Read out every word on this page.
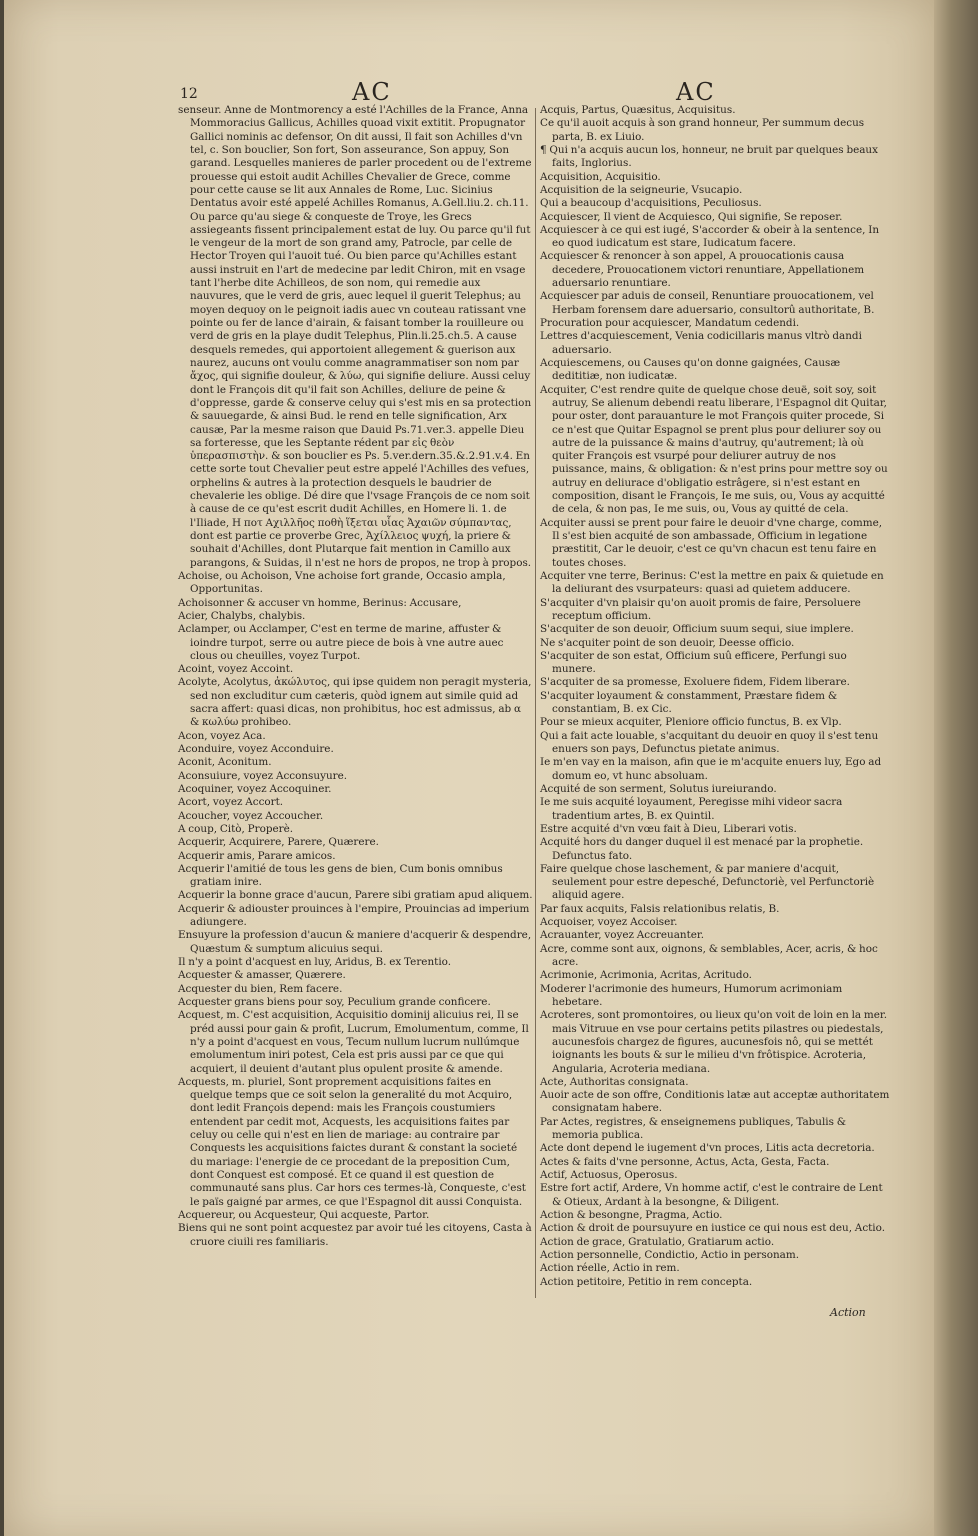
12	AC	AC

senseur. Anne de Montmorency a esté l'Achilles de la France, Anna Mommoracius Gallicus, Achilles quoad vixit extitit. Propugnator Gallici nominis ac defensor, On dit aussi, Il fait son Achilles d'vn tel, c. Son bouclier, Son fort, Son asseurance, Son appuy, Son garand. Lesquelles manieres de parler procedent ou de l'extreme prouesse qui estoit audit Achilles Chevalier de Grece, comme pour cette cause se lit aux Annales de Rome, Luc. Sicinius Dentatus avoir esté appelé Achilles Romanus, A.Gell.liu.2. ch.11. Ou parce qu'au siege & conqueste de Troye, les Grecs assiegeants fissent principalement estat de luy. Ou parce qu'il fut le vengeur de la mort de son grand amy, Patrocle, par celle de Hector Troyen qui l'auoit tué. Ou bien parce qu'Achilles estant aussi instruit en l'art de medecine par ledit Chiron, mit en vsage tant l'herbe dite Achilleos, de son nom, qui remedie aux nauvures, que le verd de gris, auec lequel il guerit Telephus; au moyen dequoy on le peignoit iadis auec vn couteau ratissant vne pointe ou fer de lance d'airain, & faisant tomber la rouilleure ou verd de gris en la playe dudit Telephus, Plin.li.25.ch.5. A cause desquels remedes, qui apportoient allegement & guerison aux naurez, aucuns ont voulu comme anagrammatiser son nom par ἄχος, qui signifie douleur, & λύω, qui signifie deliure. Aussi celuy dont le François dit qu'il fait son Achilles, deliure de peine & d'oppresse, garde & conserve celuy qui s'est mis en sa protection & sauuegarde, & ainsi Bud. le rend en telle signification, Arx causæ, Par la mesme raison que Dauid Ps.71.ver.3. appelle Dieu sa forteresse, que les Septante rédent par εἰς θεὸν ὑπερασπιστὴν. & son bouclier es Ps. 5.ver.dern.35.&.2.91.v.4. En cette sorte tout Chevalier peut estre appelé l'Achilles des vefues, orphelins & autres à la protection desquels le baudrier de chevalerie les oblige. Dé dire que l'vsage François de ce nom soit à cause de ce qu'est escrit dudit Achilles, en Homere li. 1. de l'Iliade, Η ποτ Αχιλλῆος ποθὴ ἵξεται υἷας Ἀχαιῶν σύμπαντας, dont est partie ce proverbe Grec, Ἀχίλλειος ψυχή, la priere & souhait d'Achilles, dont Plutarque fait mention in Camillo aux parangons, & Suidas, il n'est ne hors de propos, ne trop à propos.

Achoise, ou Achoison, Vne achoise fort grande, Occasio ampla, Opportunitas.

Achoisonner & accuser vn homme, Berinus: Accusare,

Acier, Chalybs, chalybis.

Aclamper, ou Acclamper, C'est en terme de marine, affuster & ioindre turpot, serre ou autre piece de bois à vne autre auec clous ou cheuilles, voyez Turpot.

Acoint, voyez Accoint.

Acolyte, Acolytus, ἀκώλυτος, qui ipse quidem non peragit mysteria, sed non excluditur cum cæteris, quòd ignem aut simile quid ad sacra affert: quasi dicas, non prohibitus, hoc est admissus, ab α & κωλύω prohibeo.

Acon, voyez Aca.

Aconduire, voyez Acconduire.

Aconit, Aconitum.

Aconsuiure, voyez Acconsuyure.

Acoquiner, voyez Accoquiner.

Acort, voyez Accort.

Acoucher, voyez Accoucher.

A coup, Citò, Properè.

Acquerir, Acquirere, Parere, Quærere.

Acquerir amis, Parare amicos.

Acquerir l'amitié de tous les gens de bien, Cum bonis omnibus gratiam inire.

Acquerir la bonne grace d'aucun, Parere sibi gratiam apud aliquem.

Acquerir & adiouster prouinces à l'empire, Prouincias ad imperium adiungere.

Ensuyure la profession d'aucun & maniere d'acquerir & despendre, Quæstum & sumptum alicuius sequi.

Il n'y a point d'acquest en luy, Aridus, B. ex Terentio.

Acquester & amasser, Quærere.

Acquester du bien, Rem facere.

Acquester grans biens pour soy, Peculium grande conficere.

Acquest, m. C'est acquisition, Acquisitio dominij alicuius rei, Il se préd aussi pour gain & profit, Lucrum, Emolumentum, comme, Il n'y a point d'acquest en vous, Tecum nullum lucrum nullúmque emolumentum iniri potest, Cela est pris aussi par ce que qui acquiert, il deuient d'autant plus opulent prosite & amende.

Acquests, m. pluriel, Sont proprement acquisitions faites en quelque temps que ce soit selon la generalité du mot Acquiro, dont ledit François depend: mais les François coustumiers entendent par cedit mot, Acquests, les acquisitions faites par celuy ou celle qui n'est en lien de mariage: au contraire par Conquests les acquisitions faictes durant & constant la societé du mariage: l'energie de ce procedant de la preposition Cum, dont Conquest est composé. Et ce quand il est question de communauté sans plus. Car hors ces termes-là, Conqueste, c'est le païs gaigné par armes, ce que l'Espagnol dit aussi Conquista.

Acquereur, ou Acquesteur, Qui acqueste, Partor.

Biens qui ne sont point acquestez par avoir tué les citoyens, Casta à cruore ciuili res familiaris.

Acquis, Partus, Quæsitus, Acquisitus.

Ce qu'il auoit acquis à son grand honneur, Per summum decus parta, B. ex Liuio.

¶ Qui n'a acquis aucun los, honneur, ne bruit par quelques beaux faits, Inglorius.

Acquisition, Acquisitio.

Acquisition de la seigneurie, Vsucapio.

Qui a beaucoup d'acquisitions, Peculiosus.

Acquiescer, Il vient de Acquiesco, Qui signifie, Se reposer.

Acquiescer à ce qui est iugé, S'accorder & obeir à la sentence, In eo quod iudicatum est stare, Iudicatum facere.

Acquiescer & renoncer à son appel, A prouocationis causa decedere, Prouocationem victori renuntiare, Appellationem aduersario renuntiare.

Acquiescer par aduis de conseil, Renuntiare prouocationem, vel Herbam forensem dare aduersario, consultorû authoritate, B.

Procuration pour acquiescer, Mandatum cedendi.

Lettres d'acquiescement, Venia codicillaris manus vltrò dandi aduersario.

Acquiescemens, ou Causes qu'on donne gaignées, Causæ dedititiæ, non iudicatæ.

Acquiter, C'est rendre quite de quelque chose deuë, soit soy, soit autruy, Se alienum debendi reatu liberare, l'Espagnol dit Quitar, pour oster, dont parauanture le mot François quiter procede, Si ce n'est que Quitar Espagnol se prent plus pour deliurer soy ou autre de la puissance & mains d'autruy, qu'autrement; là où quiter François est vsurpé pour deliurer autruy de nos puissance, mains, & obligation: & n'est prins pour mettre soy ou autruy en deliurace d'obligatio estrâgere, si n'est estant en composition, disant le François, Ie me suis, ou, Vous ay acquitté de cela, & non pas, Ie me suis, ou, Vous ay quitté de cela.

Acquiter aussi se prent pour faire le deuoir d'vne charge, comme, Il s'est bien acquité de son ambassade, Officium in legatione præstitit, Car le deuoir, c'est ce qu'vn chacun est tenu faire en toutes choses.

Acquiter vne terre, Berinus: C'est la mettre en paix & quietude en la deliurant des vsurpateurs: quasi ad quietem adducere.

S'acquiter d'vn plaisir qu'on auoit promis de faire, Persoluere receptum officium.

S'acquiter de son deuoir, Officium suum sequi, siue implere.

Ne s'acquiter point de son deuoir, Deesse officio.

S'acquiter de son estat, Officium suû efficere, Perfungi suo munere.

S'acquiter de sa promesse, Exoluere fidem, Fidem liberare.

S'acquiter loyaument & constamment, Præstare fidem & constantiam, B. ex Cic.

Pour se mieux acquiter, Pleniore officio functus, B. ex Vlp.

Qui a fait acte louable, s'acquitant du deuoir en quoy il s'est tenu enuers son pays, Defunctus pietate animus.

Ie m'en vay en la maison, afin que ie m'acquite enuers luy, Ego ad domum eo, vt hunc absoluam.

Acquité de son serment, Solutus iureiurando.

Ie me suis acquité loyaument, Peregisse mihi videor sacra tradentium artes, B. ex Quintil.

Estre acquité d'vn vœu fait à Dieu, Liberari votis.

Acquité hors du danger duquel il est menacé par la prophetie. Defunctus fato.

Faire quelque chose laschement, & par maniere d'acquit, seulement pour estre depesché, Defunctoriè, vel Perfunctoriè aliquid agere.

Par faux acquits, Falsis relationibus relatis, B.

Acquoiser, voyez Accoiser.

Acrauanter, voyez Accreuanter.

Acre, comme sont aux, oignons, & semblables, Acer, acris, & hoc acre.

Acrimonie, Acrimonia, Acritas, Acritudo.

Moderer l'acrimonie des humeurs, Humorum acrimoniam hebetare.

Acroteres, sont promontoires, ou lieux qu'on voit de loin en la mer. mais Vitruue en vse pour certains petits pilastres ou piedestals, aucunesfois chargez de figures, aucunesfois nô, qui se mettét ioignants les bouts & sur le milieu d'vn frôtispice. Acroteria, Angularia, Acroteria mediana.

Acte, Authoritas consignata.

Auoir acte de son offre, Conditionis latæ aut acceptæ authoritatem consignatam habere.

Par Actes, registres, & enseignemens publiques, Tabulis & memoria publica.

Acte dont depend le iugement d'vn proces, Litis acta decretoria.

Actes & faits d'vne personne, Actus, Acta, Gesta, Facta.

Actif, Actuosus, Operosus.

Estre fort actif, Ardere, Vn homme actif, c'est le contraire de Lent & Otieux, Ardant à la besongne, & Diligent.

Action & besongne, Pragma, Actio.

Action & droit de poursuyure en iustice ce qui nous est deu, Actio.

Action de grace, Gratulatio, Gratiarum actio.

Action personnelle, Condictio, Actio in personam.

Action réelle, Actio in rem.

Action petitoire, Petitio in rem concepta.

Action
